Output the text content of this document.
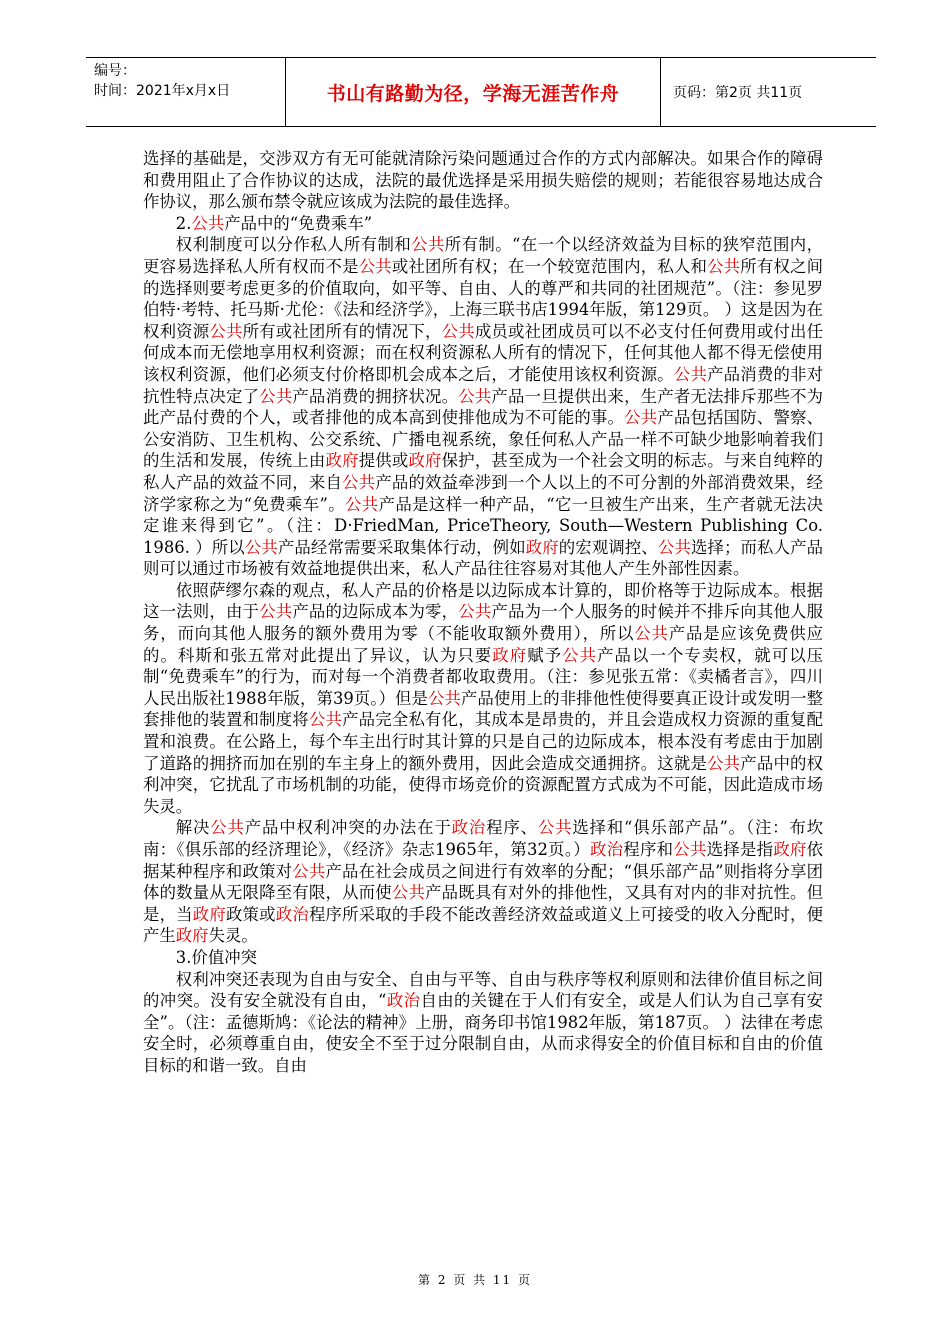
编号：
时间：2021年x月x日	书山有路勤为径，学海无涯苦作舟	页码：第2页 共11页

选择的基础是，交涉双方有无可能就清除污染问题通过合作的方式内部解决。如果合作的障碍和费用阻止了合作协议的达成，法院的最优选择是采用损失赔偿的规则；若能很容易地达成合作协议，那么颁布禁令就应该成为法院的最佳选择。

2.公共产品中的“免费乘车”

权利制度可以分作私人所有制和公共所有制。“在一个以经济效益为目标的狭窄范围内，更容易选择私人所有权而不是公共或社团所有权；在一个较宽范围内，私人和公共所有权之间的选择则要考虑更多的价值取向，如平等、自由、人的尊严和共同的社团规范”。（注：参见罗伯特·考特、托马斯·尤伦：《法和经济学》，上海三联书店1994年版，第129页。 ）这是因为在权利资源公共所有或社团所有的情况下，公共成员或社团成员可以不必支付任何费用或付出任何成本而无偿地享用权利资源；而在权利资源私人所有的情况下，任何其他人都不得无偿使用该权利资源，他们必须支付价格即机会成本之后，才能使用该权利资源。公共产品消费的非对抗性特点决定了公共产品消费的拥挤状况。公共产品一旦提供出来，生产者无法排斥那些不为此产品付费的个人，或者排他的成本高到使排他成为不可能的事。公共产品包括国防、警察、公安消防、卫生机构、公交系统、广播电视系统，象任何私人产品一样不可缺少地影响着我们的生活和发展，传统上由政府提供或政府保护，甚至成为一个社会文明的标志。与来自纯粹的私人产品的效益不同，来自公共产品的效益牵涉到一个人以上的不可分割的外部消费效果，经济学家称之为“免费乘车”。公共产品是这样一种产品，“它一旦被生产出来，生产者就无法决定谁来得到它”。（注：D·FriedMan, PriceTheory, South—Western Publishing Co. 1986. ）所以公共产品经常需要采取集体行动，例如政府的宏观调控、公共选择；而私人产品则可以通过市场被有效益地提供出来，私人产品往往容易对其他人产生外部性因素。

依照萨缪尔森的观点，私人产品的价格是以边际成本计算的，即价格等于边际成本。根据这一法则，由于公共产品的边际成本为零，公共产品为一个人服务的时候并不排斥向其他人服务，而向其他人服务的额外费用为零（不能收取额外费用），所以公共产品是应该免费供应的。科斯和张五常对此提出了异议，认为只要政府赋予公共产品以一个专卖权，就可以压制“免费乘车”的行为，而对每一个消费者都收取费用。（注：参见张五常：《卖橘者言》，四川人民出版社1988年版，第39页。）但是公共产品使用上的非排他性使得要真正设计或发明一整套排他的装置和制度将公共产品完全私有化，其成本是昂贵的，并且会造成权力资源的重复配置和浪费。在公路上，每个车主出行时其计算的只是自己的边际成本，根本没有考虑由于加剧了道路的拥挤而加在别的车主身上的额外费用，因此会造成交通拥挤。这就是公共产品中的权利冲突，它扰乱了市场机制的功能，使得市场竞价的资源配置方式成为不可能，因此造成市场失灵。

解决公共产品中权利冲突的办法在于政治程序、公共选择和“俱乐部产品”。（注：布坎南：《俱乐部的经济理论》，《经济》杂志1965年，第32页。）政治程序和公共选择是指政府依据某种程序和政策对公共产品在社会成员之间进行有效率的分配；“俱乐部产品”则指将分享团体的数量从无限降至有限，从而使公共产品既具有对外的排他性，又具有对内的非对抗性。但是，当政府政策或政治程序所采取的手段不能改善经济效益或道义上可接受的收入分配时，便产生政府失灵。

3.价值冲突

权利冲突还表现为自由与安全、自由与平等、自由与秩序等权利原则和法律价值目标之间的冲突。没有安全就没有自由，“政治自由的关键在于人们有安全，或是人们认为自己享有安全”。（注：孟德斯鸠：《论法的精神》上册，商务印书馆1982年版，第187页。 ）法律在考虑安全时，必须尊重自由，使安全不至于过分限制自由，从而求得安全的价值目标和自由的价值目标的和谐一致。自由

第 2 页 共 11 页
